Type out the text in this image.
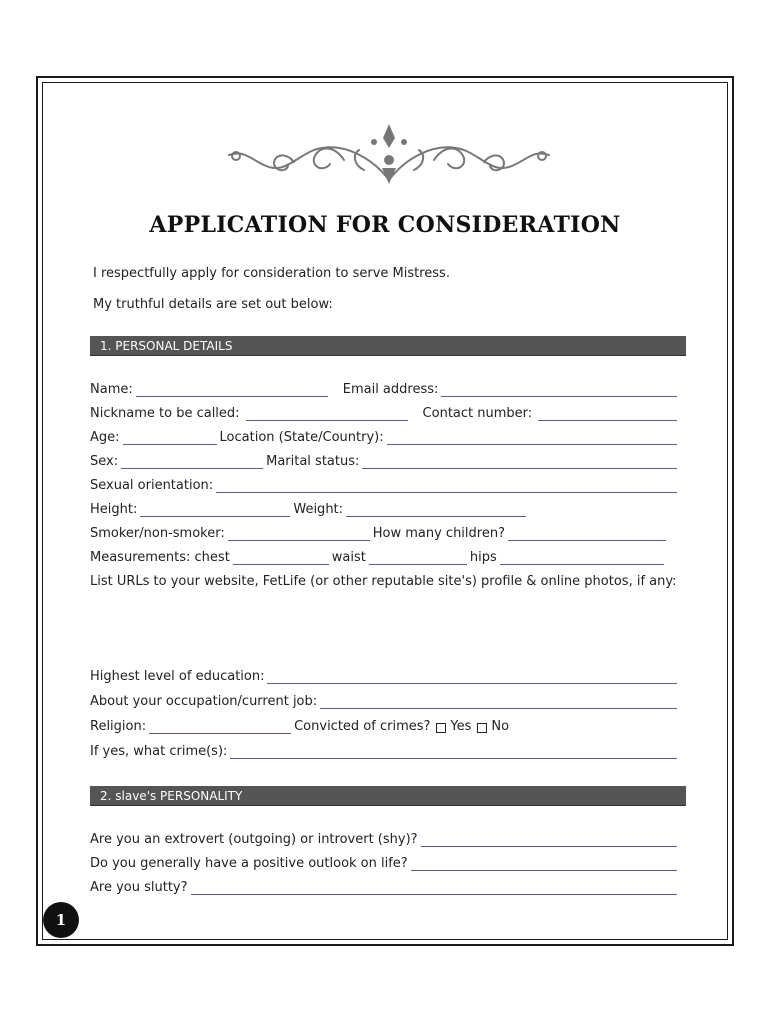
APPLICATION FOR CONSIDERATION
I respectfully apply for consideration to serve Mistress.
My truthful details are set out below:
1. PERSONAL DETAILS
Name:	Email address:
Nickname to be called:	Contact number:
Age:	Location (State/Country):
Sex:	Marital status:
Sexual orientation:
Height:	Weight:
Smoker/non-smoker:	How many children?
Measurements: chest	waist	hips
List URLs to your website, FetLife (or other reputable site's) profile & online photos, if any:
Highest level of education:
About your occupation/current job:
Religion:	Convicted of crimes? Yes No
If yes, what crime(s):
2. slave's PERSONALITY
Are you an extrovert (outgoing) or introvert (shy)?
Do you generally have a positive outlook on life?
Are you slutty?
1
